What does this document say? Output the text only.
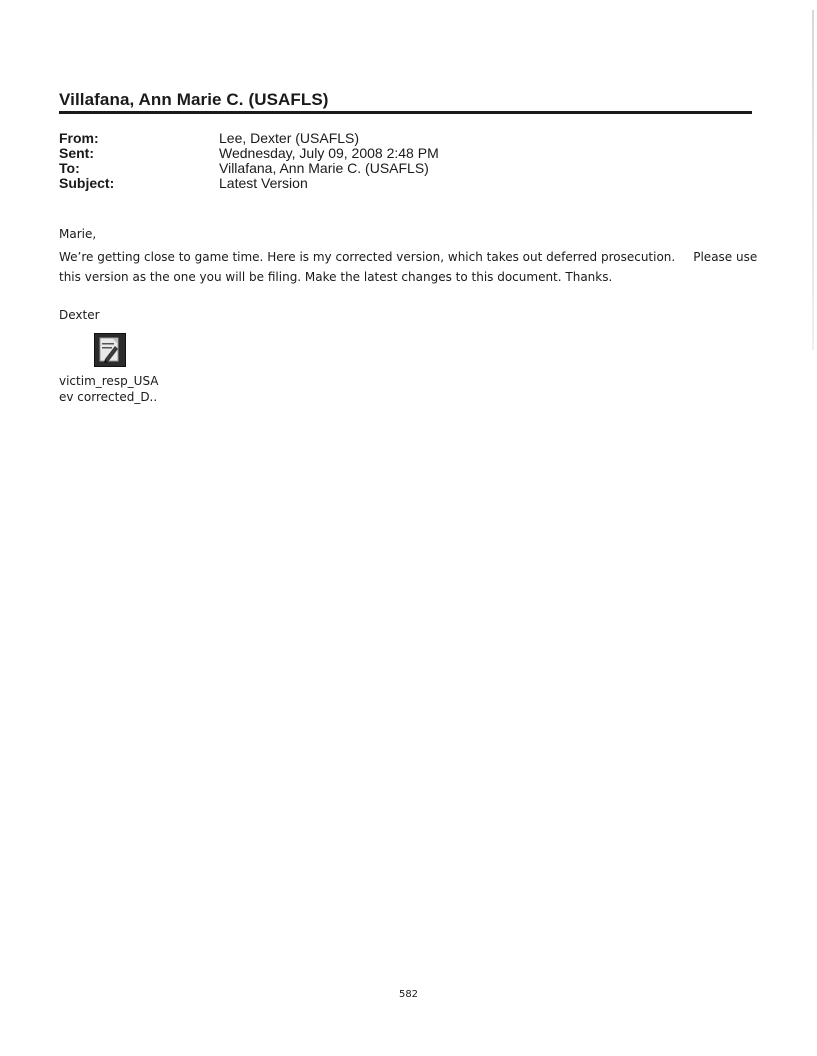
Villafana, Ann Marie C. (USAFLS)
From:	Lee, Dexter (USAFLS)
Sent:	Wednesday, July 09, 2008 2:48 PM
To:	Villafana, Ann Marie C. (USAFLS)
Subject:	Latest Version
Marie,
We’re getting close to game time. Here is my corrected version, which takes out deferred prosecution. Please use
this version as the one you will be filing. Make the latest changes to this document. Thanks.
Dexter
victim_resp_USA
ev corrected_D..
582
